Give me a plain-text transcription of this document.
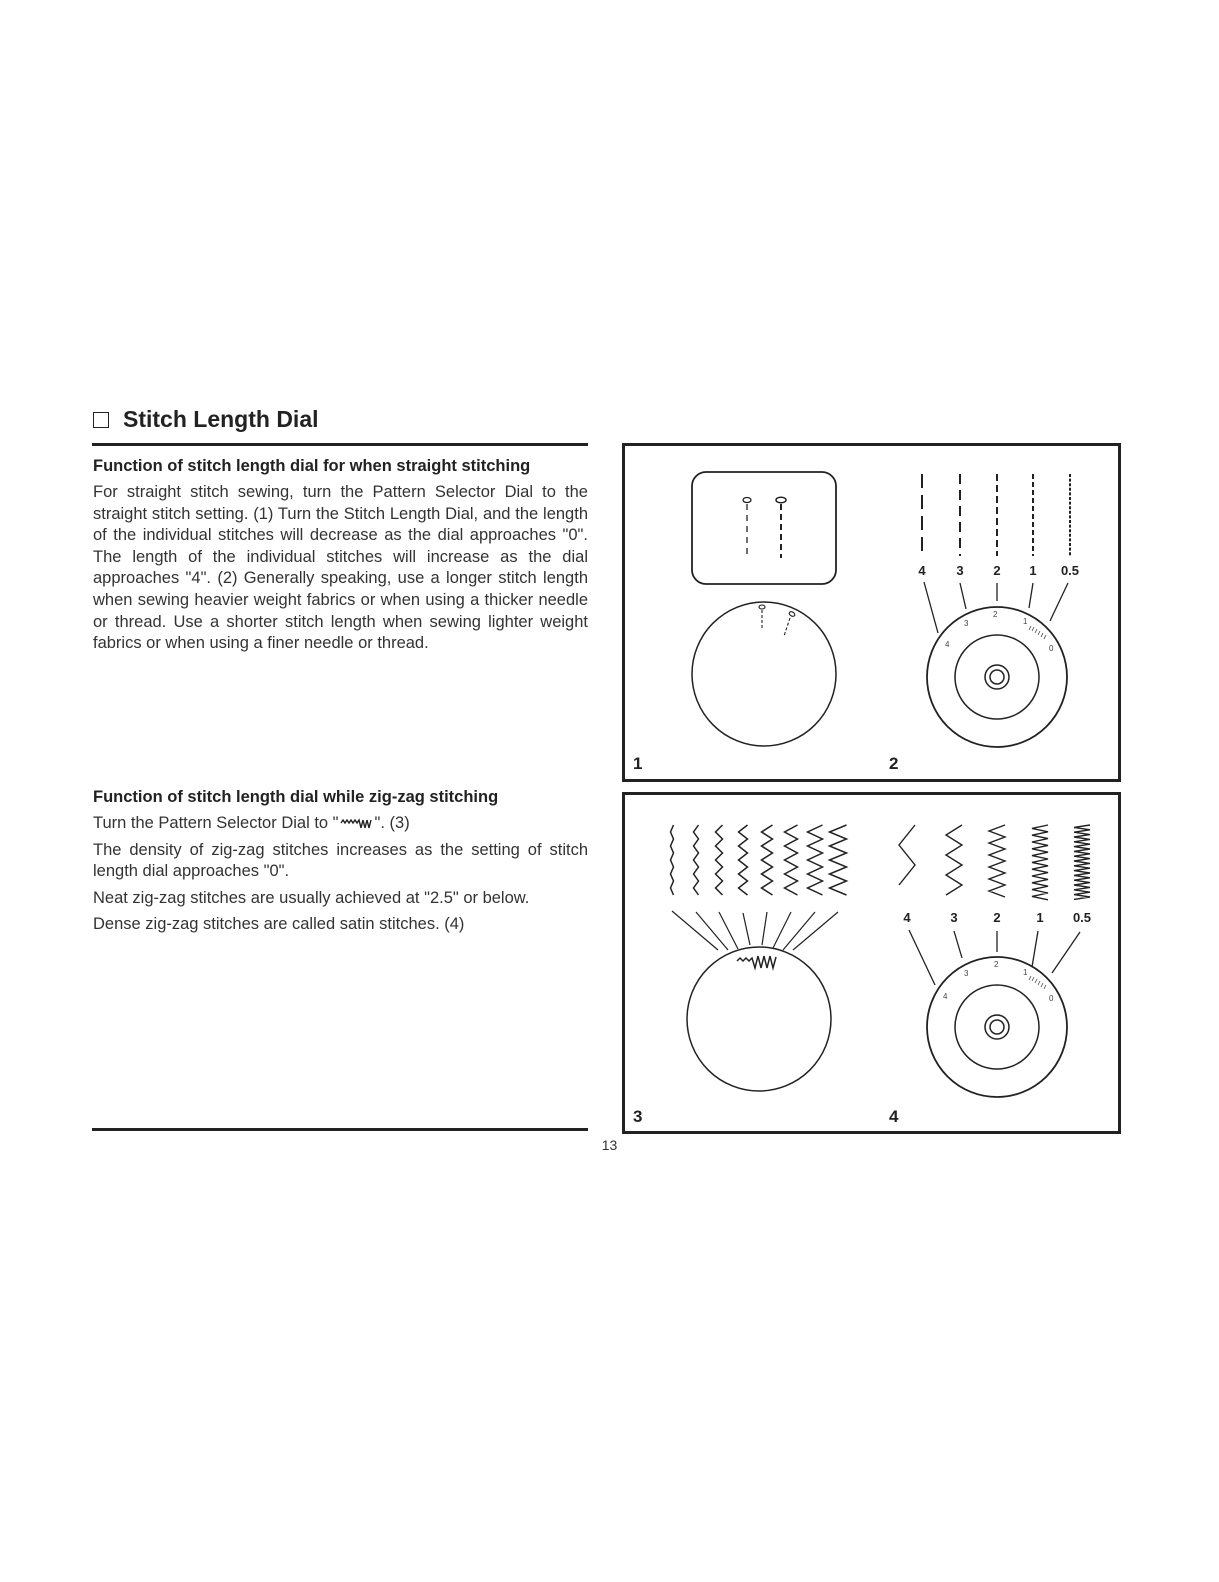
Stitch Length Dial

Function of stitch length dial for when straight stitching

For straight stitch sewing, turn the Pattern Selector Dial to the straight stitch setting. (1) Turn the Stitch Length Dial, and the length of the individual stitches will decrease as the dial approaches "0". The length of the individual stitches will increase as the dial approaches "4". (2) Generally speaking, use a longer stitch length when sewing heavier weight fabrics or when using a thicker needle or thread. Use a shorter stitch length when sewing lighter weight fabrics or when using a finer needle or thread.

Function of stitch length dial while zig-zag stitching

Turn the Pattern Selector Dial to " ". (3)

The density of zig-zag stitches increases as the setting of stitch length dial approaches "0".

Neat zig-zag stitches are usually achieved at "2.5" or below.

Dense zig-zag stitches are called satin stitches. (4)

4 3 2 1 0.5
4
3
2
1
0
1	2
4	3	2	1 0.5
4
3
2
1
0
3	4
13
